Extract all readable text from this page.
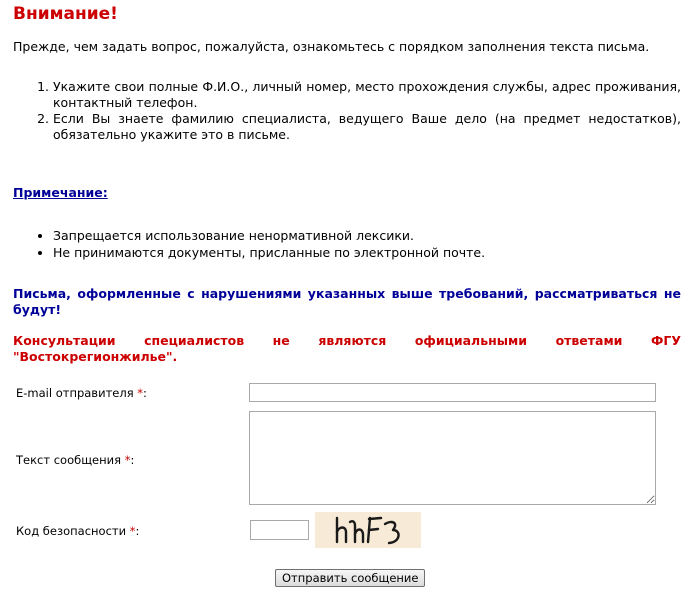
Внимание!

Прежде, чем задать вопрос, пожалуйста, ознакомьтесь с порядком заполнения текста письма.

1. Укажите свои полные Ф.И.О., личный номер, место прохождения службы, адрес проживания, контактный телефон.
2. Если Вы знаете фамилию специалиста, ведущего Ваше дело (на предмет недостатков), обязательно укажите это в письме.

Примечание:

• Запрещается использование ненормативной лексики.
• Не принимаются документы, присланные по электронной почте.

Письма, оформленные с нарушениями указанных выше требований, рассматриваться не будут!

Консультации специалистов не являются официальными ответами ФГУ "Востокрегионжилье".

E-mail отправителя *:
Текст сообщения *:
Код безопасности *:
Отправить сообщение
